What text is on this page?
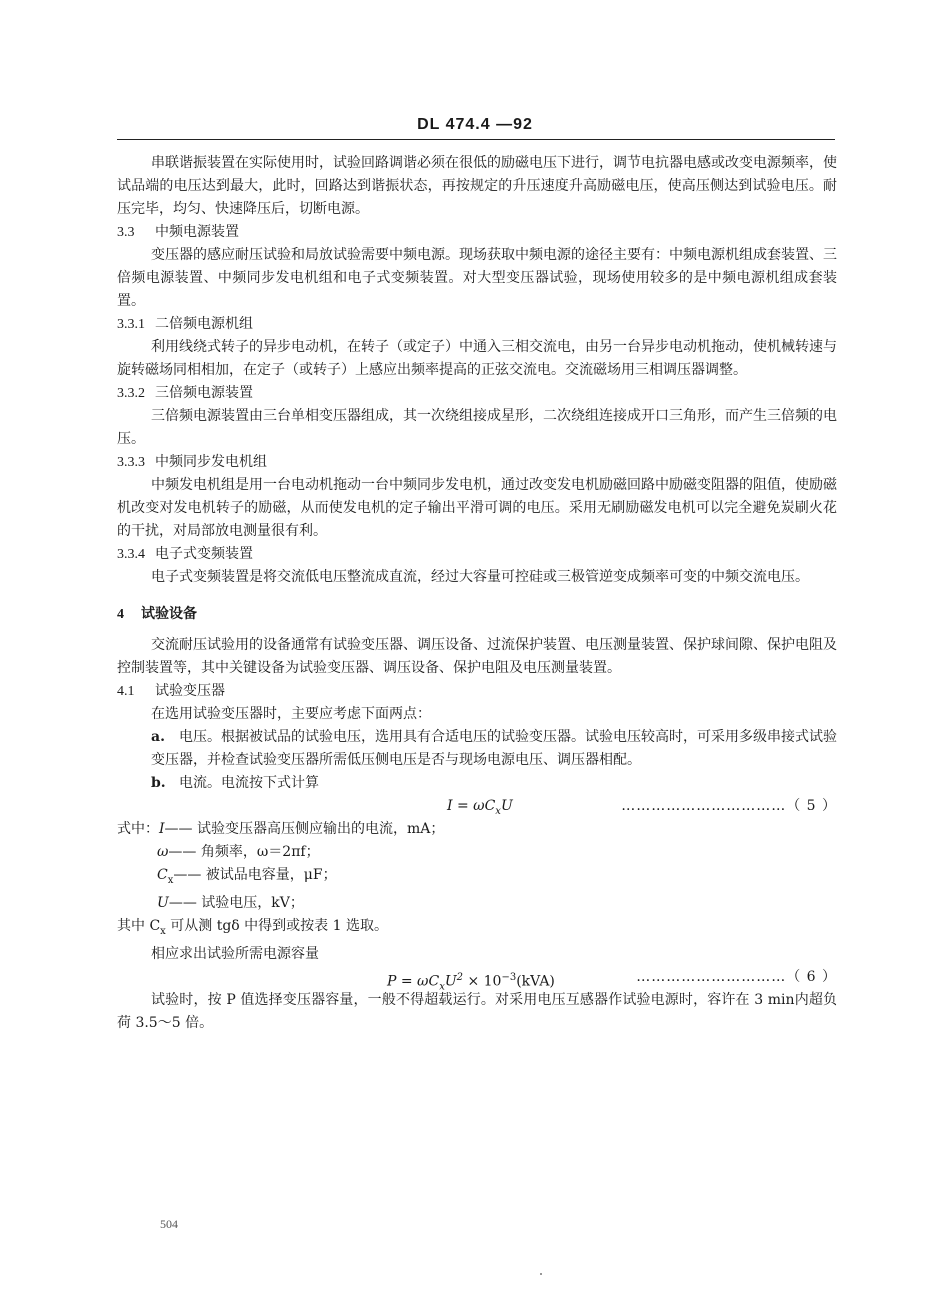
DL 474.4 —92

串联谐振装置在实际使用时，试验回路调谐必须在很低的励磁电压下进行，调节电抗器电感或改变电源频率，使试品端的电压达到最大，此时，回路达到谐振状态，再按规定的升压速度升高励磁电压，使高压侧达到试验电压。耐压完毕，均匀、快速降压后，切断电源。

3.3 中频电源装置

变压器的感应耐压试验和局放试验需要中频电源。现场获取中频电源的途径主要有：中频电源机组成套装置、三倍频电源装置、中频同步发电机组和电子式变频装置。对大型变压器试验，现场使用较多的是中频电源机组成套装置。

3.3.1 二倍频电源机组

利用线绕式转子的异步电动机，在转子（或定子）中通入三相交流电，由另一台异步电动机拖动，使机械转速与旋转磁场同相相加，在定子（或转子）上感应出频率提高的正弦交流电。交流磁场用三相调压器调整。

3.3.2 三倍频电源装置

三倍频电源装置由三台单相变压器组成，其一次绕组接成星形，二次绕组连接成开口三角形，而产生三倍频的电压。

3.3.3 中频同步发电机组

中频发电机组是用一台电动机拖动一台中频同步发电机，通过改变发电机励磁回路中励磁变阻器的阻值，使励磁机改变对发电机转子的励磁，从而使发电机的定子输出平滑可调的电压。采用无刷励磁发电机可以完全避免炭刷火花的干扰，对局部放电测量很有利。

3.3.4 电子式变频装置

电子式变频装置是将交流低电压整流成直流，经过大容量可控硅或三极管逆变成频率可变的中频交流电压。

4 试验设备

交流耐压试验用的设备通常有试验变压器、调压设备、过流保护装置、电压测量装置、保护球间隙、保护电阻及控制装置等，其中关键设备为试验变压器、调压设备、保护电阻及电压测量装置。

4.1 试验变压器

在选用试验变压器时，主要应考虑下面两点：

a. 电压。根据被试品的试验电压，选用具有合适电压的试验变压器。试验电压较高时，可采用多级串接式试验变压器，并检查试验变压器所需低压侧电压是否与现场电源电压、调压器相配。

b. 电流。电流按下式计算

$I = \omega C_xU$	……………………………（ 5 ）

式中：I—— 试验变压器高压侧应输出的电流，mA；

ω—— 角频率，ω＝2πf；

$C_x——$ 被试品电容量，μF；

U—— 试验电压，kV；

其中 $C_x$ 可从测 tgδ 中得到或按表 1 选取。

相应求出试验所需电源容量

$P = \omega C_xU^2 \times 10^{-3}(kVA)$	…………………………（ 6 ）

试验时，按 P 值选择变压器容量，一般不得超载运行。对采用电压互感器作试验电源时，容许在 3 min内超负荷 3.5～5 倍。

504
